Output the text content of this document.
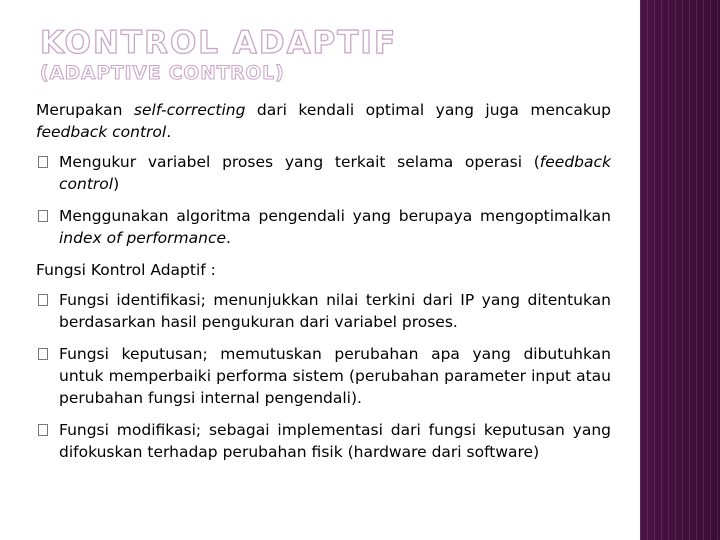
KONTROL ADAPTIF
(ADAPTIVE CONTROL)

Merupakan self-correcting dari kendali optimal yang juga mencakup feedback control.

Mengukur variabel proses yang terkait selama operasi (feedback control)
Menggunakan algoritma pengendali yang berupaya mengoptimalkan index of performance.

Fungsi Kontrol Adaptif :

Fungsi identifikasi; menunjukkan nilai terkini dari IP yang ditentukan berdasarkan hasil pengukuran dari variabel proses.
Fungsi keputusan; memutuskan perubahan apa yang dibutuhkan untuk memperbaiki performa sistem (perubahan parameter input atau perubahan fungsi internal pengendali).
Fungsi modifikasi; sebagai implementasi dari fungsi keputusan yang difokuskan terhadap perubahan fisik (hardware dari software)
